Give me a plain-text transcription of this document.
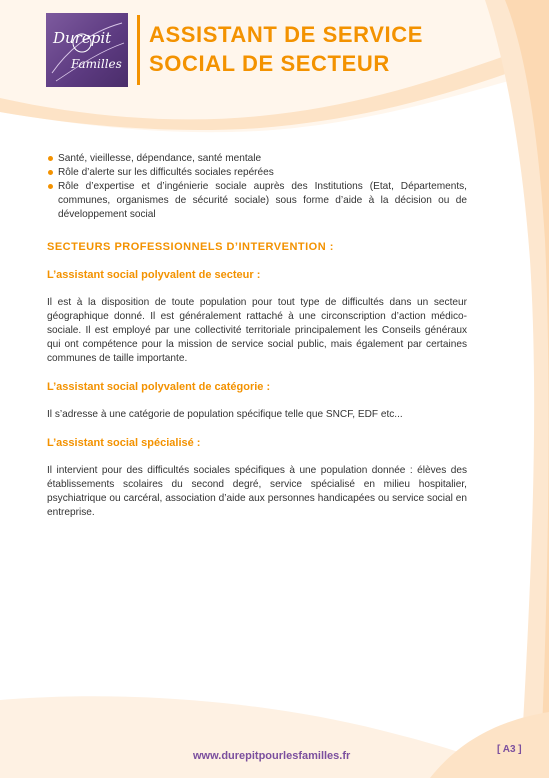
Durepit
Familles
ASSISTANT DE SERVICE
SOCIAL DE SECTEUR
Santé, vieillesse, dépendance, santé mentale
Rôle d’alerte sur les difficultés sociales repérées
Rôle d’expertise et d’ingénierie sociale auprès des Institutions (Etat, Départements, communes, organismes de sécurité sociale) sous forme d’aide à la décision ou de développement social
SECTEURS PROFESSIONNELS D’INTERVENTION :
L’assistant social polyvalent de secteur :

Il est à la disposition de toute population pour tout type de difficultés dans un secteur géographique donné. Il est généralement rattaché à une circonscription d’action médico-sociale. Il est employé par une collectivité territoriale principalement les Conseils généraux qui ont compétence pour la mission de service social public, mais également par certaines communes de taille importante.

L’assistant social polyvalent de catégorie :

Il s’adresse à une catégorie de population spécifique telle que SNCF, EDF etc...

L’assistant social spécialisé :

Il intervient pour des difficultés sociales spécifiques à une population donnée : élèves des établissements scolaires du second degré, service spécialisé en milieu hospitalier, psychiatrique ou carcéral, association d’aide aux personnes handicapées ou service social en entreprise.

www.durepitpourlesfamilles.fr
[ A3 ]
